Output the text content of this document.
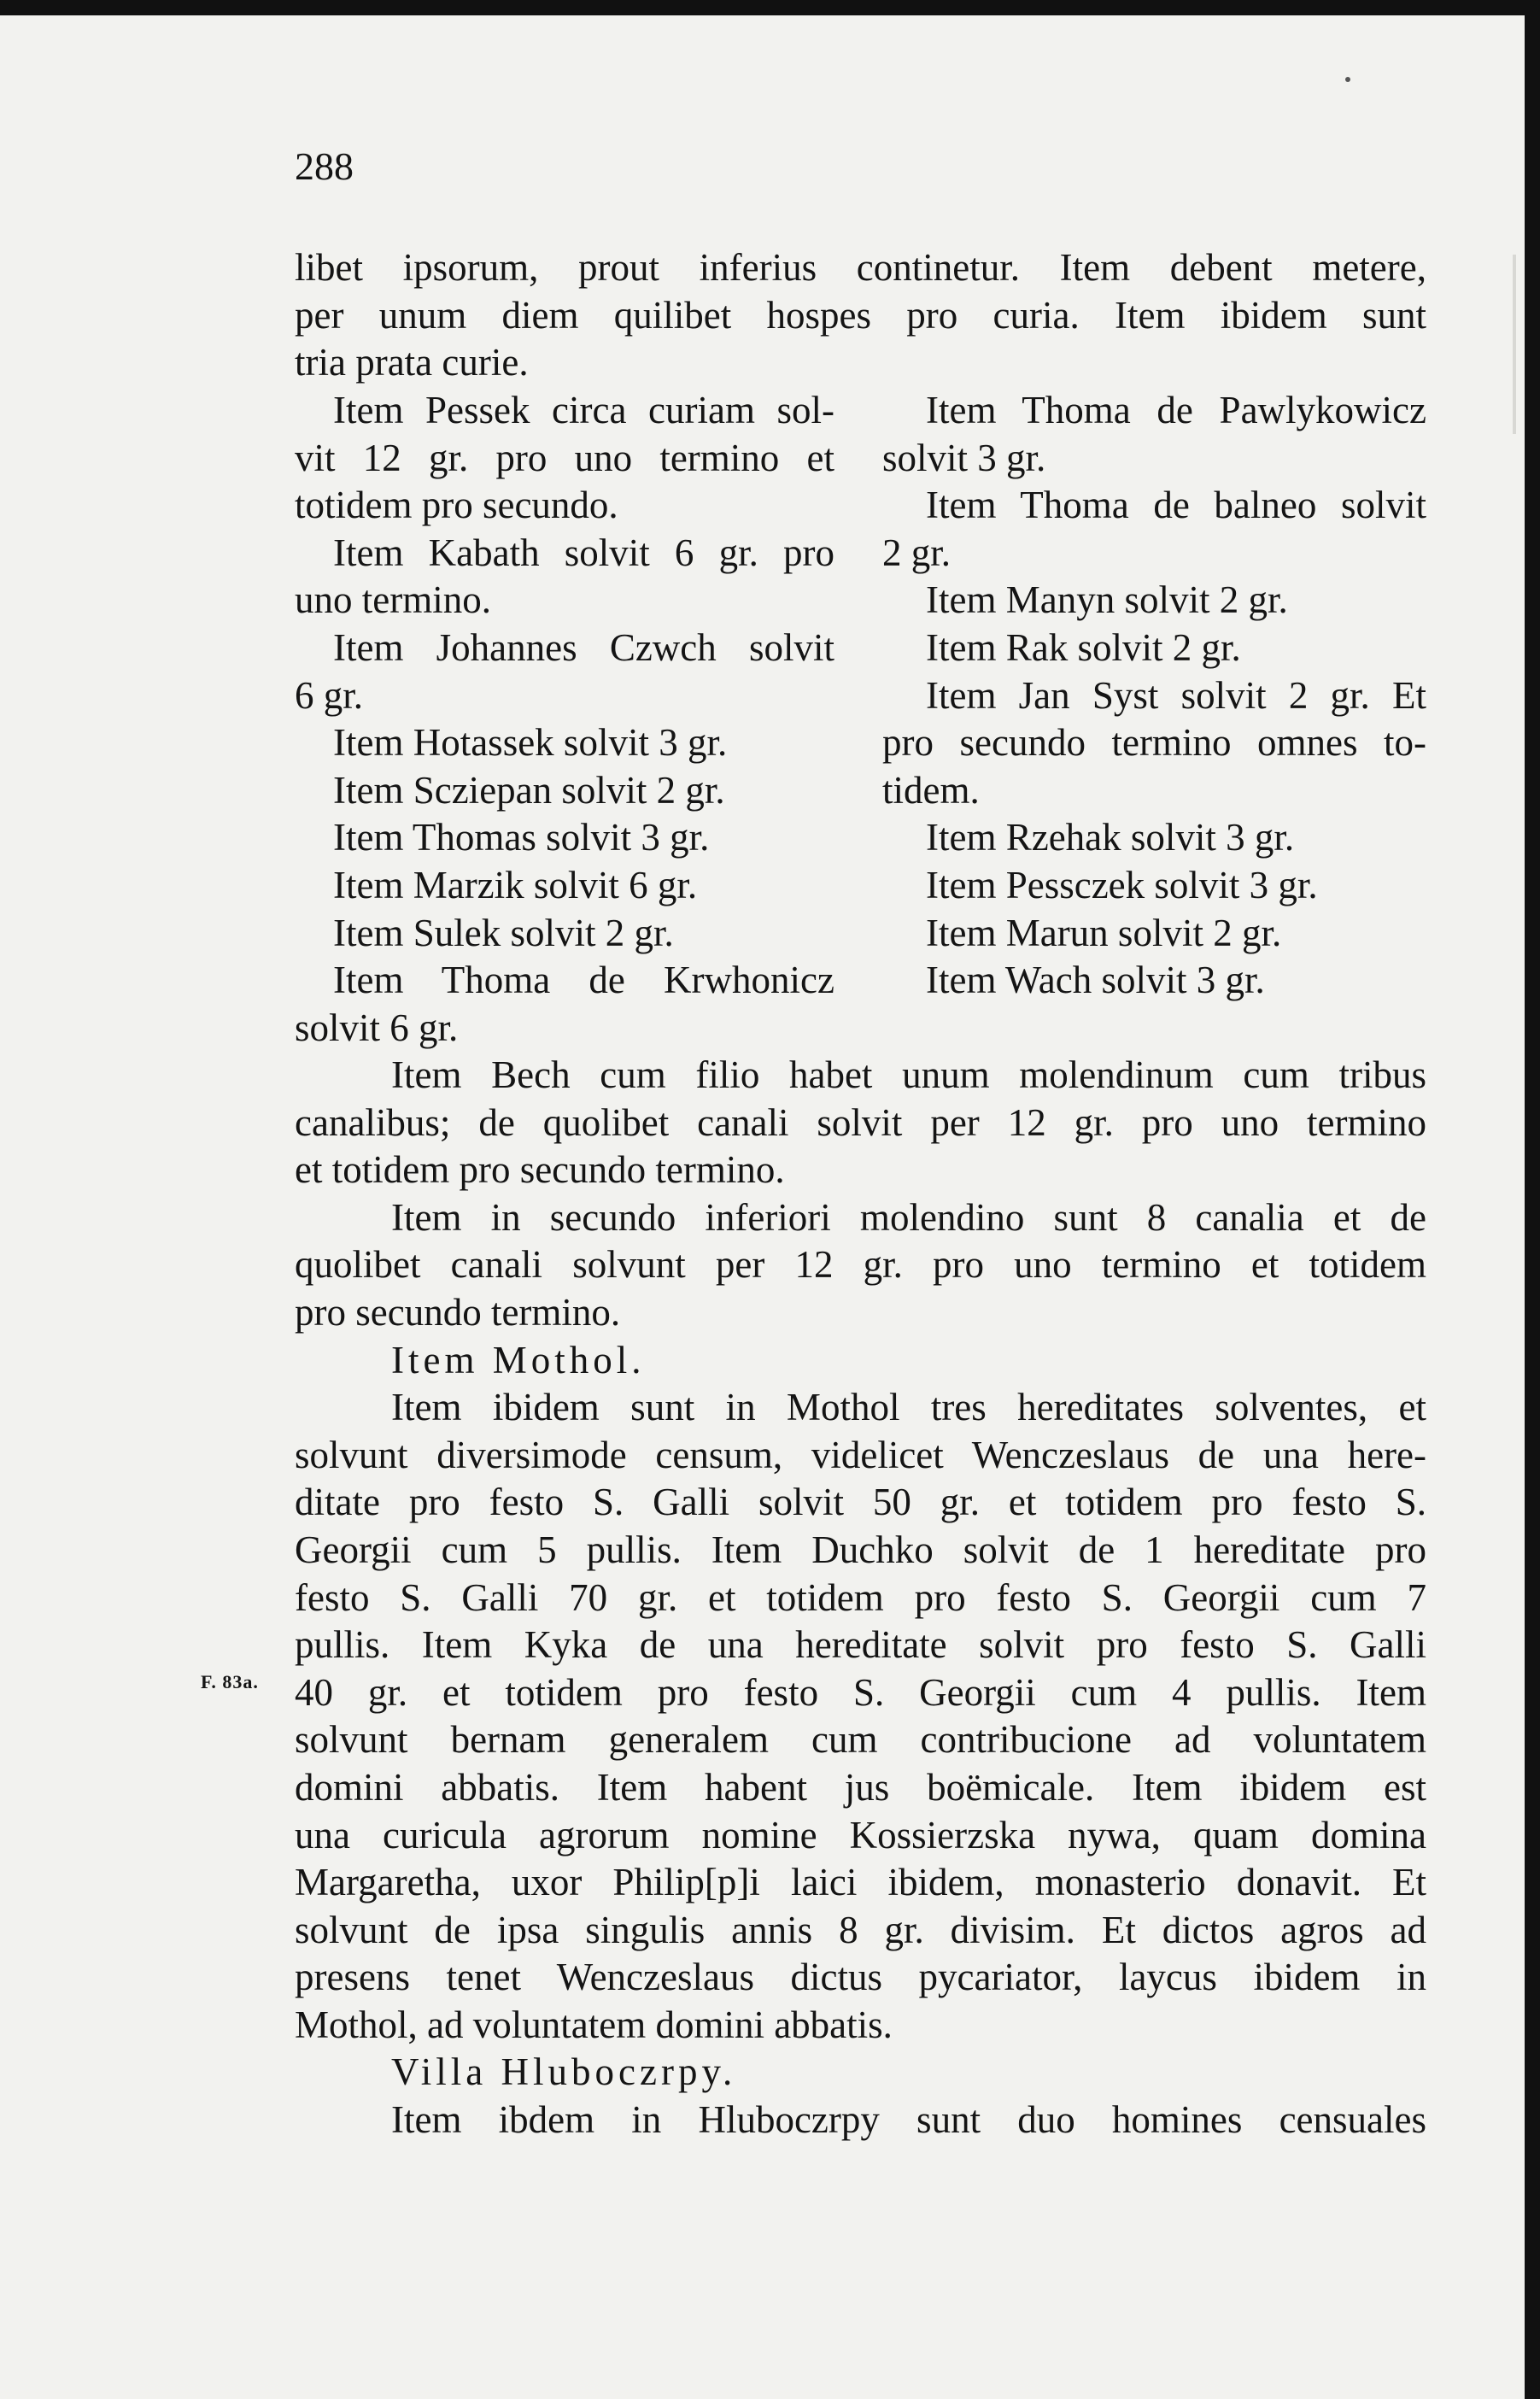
288
libet ipsorum, prout inferius continetur. Item debent metere,
per unum diem quilibet hospes pro curia. Item ibidem sunt
tria prata curie.
Item Pessek circa curiam sol-
vit 12 gr. pro uno termino et
totidem pro secundo.
Item Kabath solvit 6 gr. pro
uno termino.
Item Johannes Czwch solvit
6 gr.
Item Hotassek solvit 3 gr.
Item Scziepan solvit 2 gr.
Item Thomas solvit 3 gr.
Item Marzik solvit 6 gr.
Item Sulek solvit 2 gr.
Item Thoma de Krwhonicz
solvit 6 gr.
Item Thoma de Pawlykowicz
solvit 3 gr.
Item Thoma de balneo solvit
2 gr.
Item Manyn solvit 2 gr.
Item Rak solvit 2 gr.
Item Jan Syst solvit 2 gr. Et
pro secundo termino omnes to-
tidem.
Item Rzehak solvit 3 gr.
Item Pessczek solvit 3 gr.
Item Marun solvit 2 gr.
Item Wach solvit 3 gr.
Item Bech cum filio habet unum molendinum cum tribus
canalibus; de quolibet canali solvit per 12 gr. pro uno termino
et totidem pro secundo termino.
Item in secundo inferiori molendino sunt 8 canalia et de
quolibet canali solvunt per 12 gr. pro uno termino et totidem
pro secundo termino.
Item Mothol.
Item ibidem sunt in Mothol tres hereditates solventes, et
solvunt diversimode censum, videlicet Wenczeslaus de una here-
ditate pro festo S. Galli solvit 50 gr. et totidem pro festo S.
Georgii cum 5 pullis. Item Duchko solvit de 1 hereditate pro
festo S. Galli 70 gr. et totidem pro festo S. Georgii cum 7
pullis. Item Kyka de una hereditate solvit pro festo S. Galli
40 gr. et totidem pro festo S. Georgii cum 4 pullis. Item
solvunt bernam generalem cum contribucione ad voluntatem
domini abbatis. Item habent jus boëmicale. Item ibidem est
una curicula agrorum nomine Kossierzska nywa, quam domina
Margaretha, uxor Philip[p]i laici ibidem, monasterio donavit. Et
solvunt de ipsa singulis annis 8 gr. divisim. Et dictos agros ad
presens tenet Wenczeslaus dictus pycariator, laycus ibidem in
Mothol, ad voluntatem domini abbatis.
Villa Hluboczrpy.
Item ibdem in Hluboczrpy sunt duo homines censuales
F. 83a.
